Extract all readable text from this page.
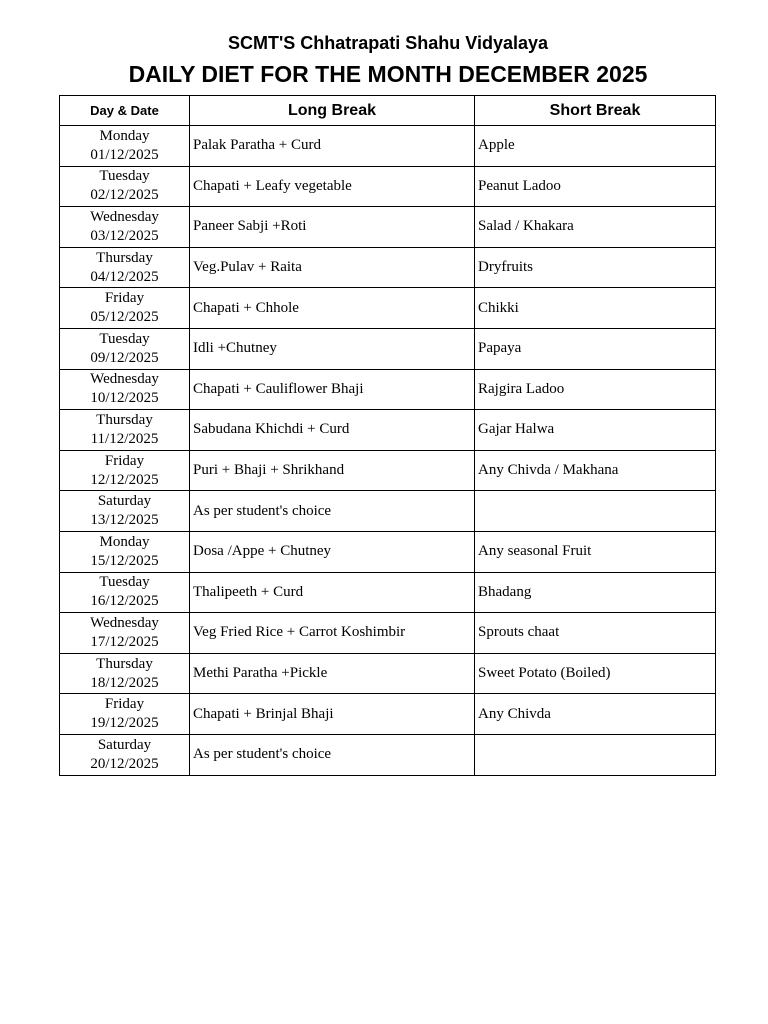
SCMT'S Chhatrapati Shahu Vidyalaya
DAILY DIET FOR THE MONTH DECEMBER 2025
Day & Date	Long Break	Short Break

Monday
01/12/2025	Palak Paratha + Curd	Apple

Tuesday
02/12/2025	Chapati + Leafy vegetable	Peanut Ladoo

Wednesday
03/12/2025	Paneer Sabji +Roti	Salad / Khakara

Thursday
04/12/2025	Veg.Pulav + Raita	Dryfruits

Friday
05/12/2025	Chapati + Chhole	Chikki

Tuesday
09/12/2025	Idli +Chutney	Papaya

Wednesday
10/12/2025	Chapati + Cauliflower Bhaji	Rajgira Ladoo

Thursday
11/12/2025	Sabudana Khichdi + Curd	Gajar Halwa

Friday
12/12/2025	Puri + Bhaji + Shrikhand	Any Chivda / Makhana

Saturday
13/12/2025	As per student's choice	

Monday
15/12/2025	Dosa /Appe + Chutney	Any seasonal Fruit

Tuesday
16/12/2025	Thalipeeth + Curd	Bhadang

Wednesday
17/12/2025	Veg Fried Rice + Carrot Koshimbir	Sprouts chaat

Thursday
18/12/2025	Methi Paratha +Pickle	Sweet Potato (Boiled)

Friday
19/12/2025	Chapati + Brinjal Bhaji	Any Chivda

Saturday
20/12/2025	As per student's choice	
